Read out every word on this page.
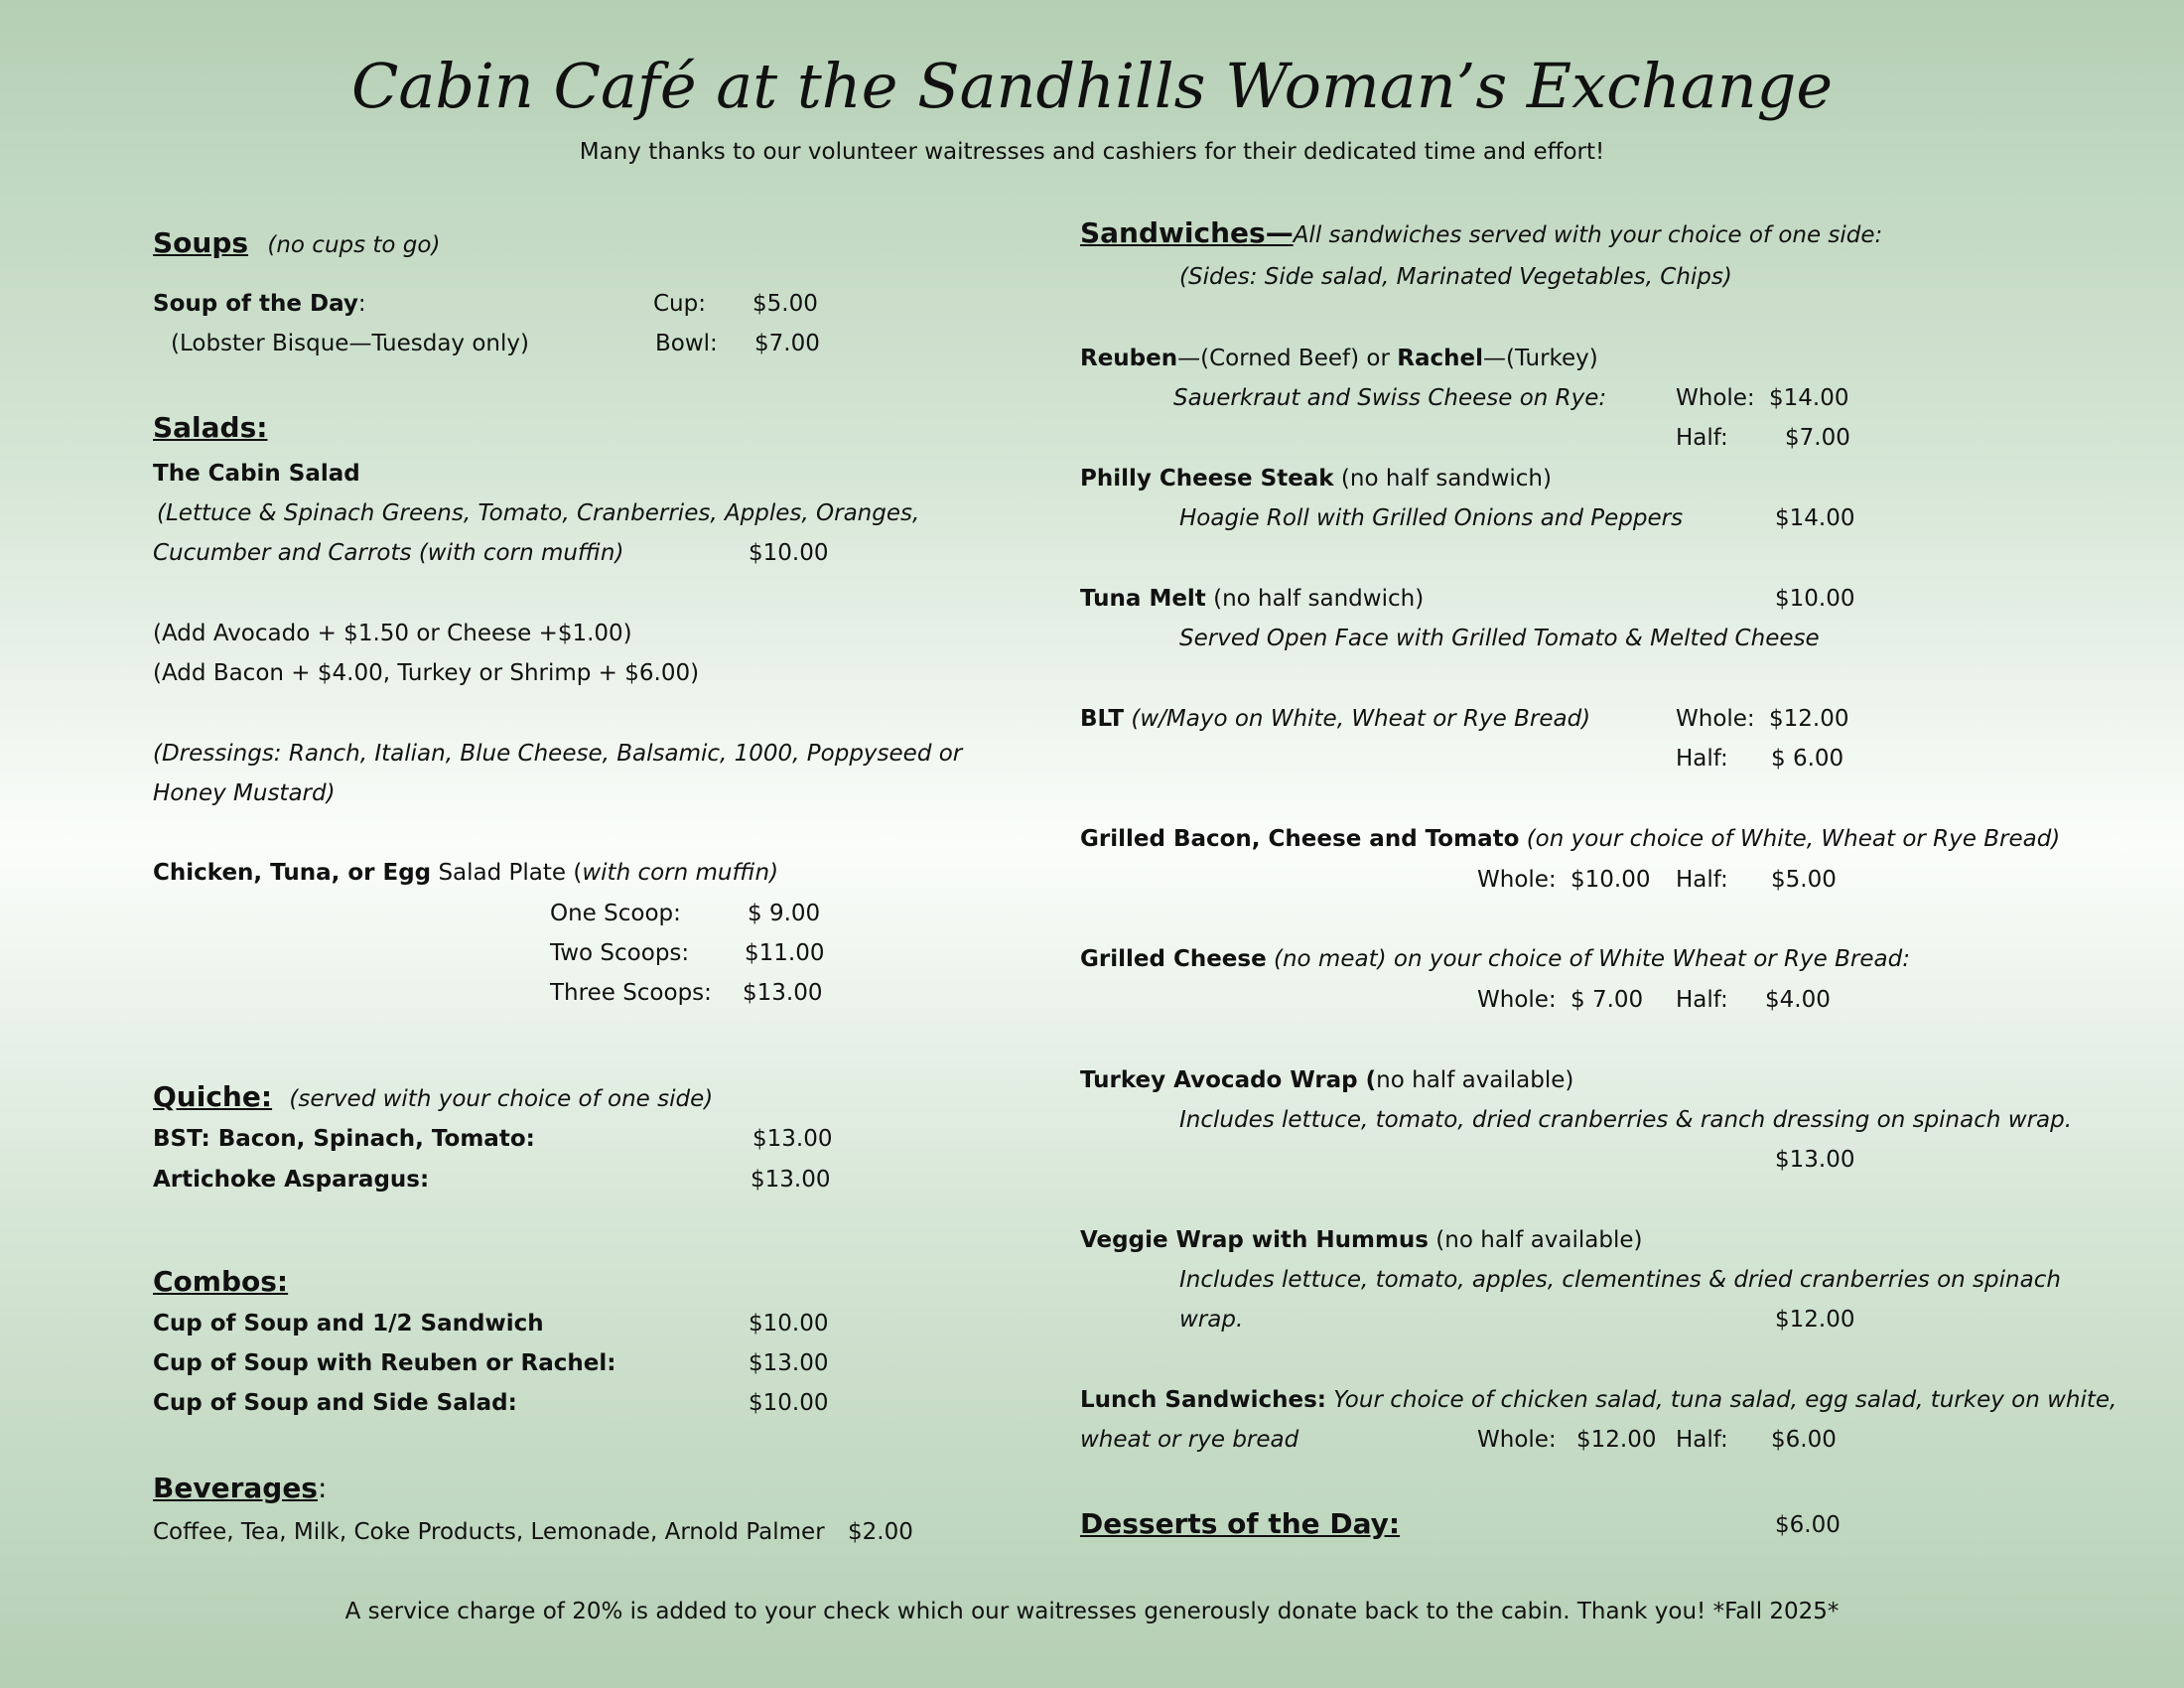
Cabin Café at the Sandhills Woman’s Exchange
Many thanks to our volunteer waitresses and cashiers for their dedicated time and effort!
Soups (no cups to go)
Soup of the Day:	Cup: $5.00
(Lobster Bisque—Tuesday only)	Bowl: $7.00
Salads:
The Cabin Salad
(Lettuce & Spinach Greens, Tomato, Cranberries, Apples, Oranges,
Cucumber and Carrots (with corn muffin)	$10.00
(Add Avocado + $1.50 or Cheese +$1.00)
(Add Bacon + $4.00, Turkey or Shrimp + $6.00)
(Dressings: Ranch, Italian, Blue Cheese, Balsamic, 1000, Poppyseed or
Honey Mustard)
Chicken, Tuna, or Egg Salad Plate (with corn muffin)
One Scoop:	$ 9.00
Two Scoops: $11.00
Three Scoops: $13.00
Quiche: (served with your choice of one side)
BST: Bacon, Spinach, Tomato:	$13.00
Artichoke Asparagus:	$13.00
Combos:
Cup of Soup and 1/2 Sandwich	$10.00
Cup of Soup with Reuben or Rachel:	$13.00
Cup of Soup and Side Salad:	$10.00
Beverages:
Coffee, Tea, Milk, Coke Products, Lemonade, Arnold Palmer $2.00
Sandwiches—All sandwiches served with your choice of one side:
(Sides: Side salad, Marinated Vegetables, Chips)
Reuben—(Corned Beef) or Rachel—(Turkey)
Sauerkraut and Swiss Cheese on Rye:	Whole: $14.00
Half: $7.00
Philly Cheese Steak (no half sandwich)
Hoagie Roll with Grilled Onions and Peppers	$14.00
Tuna Melt (no half sandwich)	$10.00
Served Open Face with Grilled Tomato & Melted Cheese
BLT (w/Mayo on White, Wheat or Rye Bread)	Whole: $12.00
Half: $ 6.00
Grilled Bacon, Cheese and Tomato (on your choice of White, Wheat or Rye Bread)
Whole: $10.00 Half: $5.00
Grilled Cheese (no meat) on your choice of White Wheat or Rye Bread:
Whole: $ 7.00 Half: $4.00
Turkey Avocado Wrap (no half available)
Includes lettuce, tomato, dried cranberries & ranch dressing on spinach wrap.
$13.00
Veggie Wrap with Hummus (no half available)
Includes lettuce, tomato, apples, clementines & dried cranberries on spinach
wrap.	$12.00
Lunch Sandwiches: Your choice of chicken salad, tuna salad, egg salad, turkey on white,
wheat or rye bread	Whole: $12.00 Half: $6.00
Desserts of the Day:	$6.00
A service charge of 20% is added to your check which our waitresses generously donate back to the cabin. Thank you! *Fall 2025*
